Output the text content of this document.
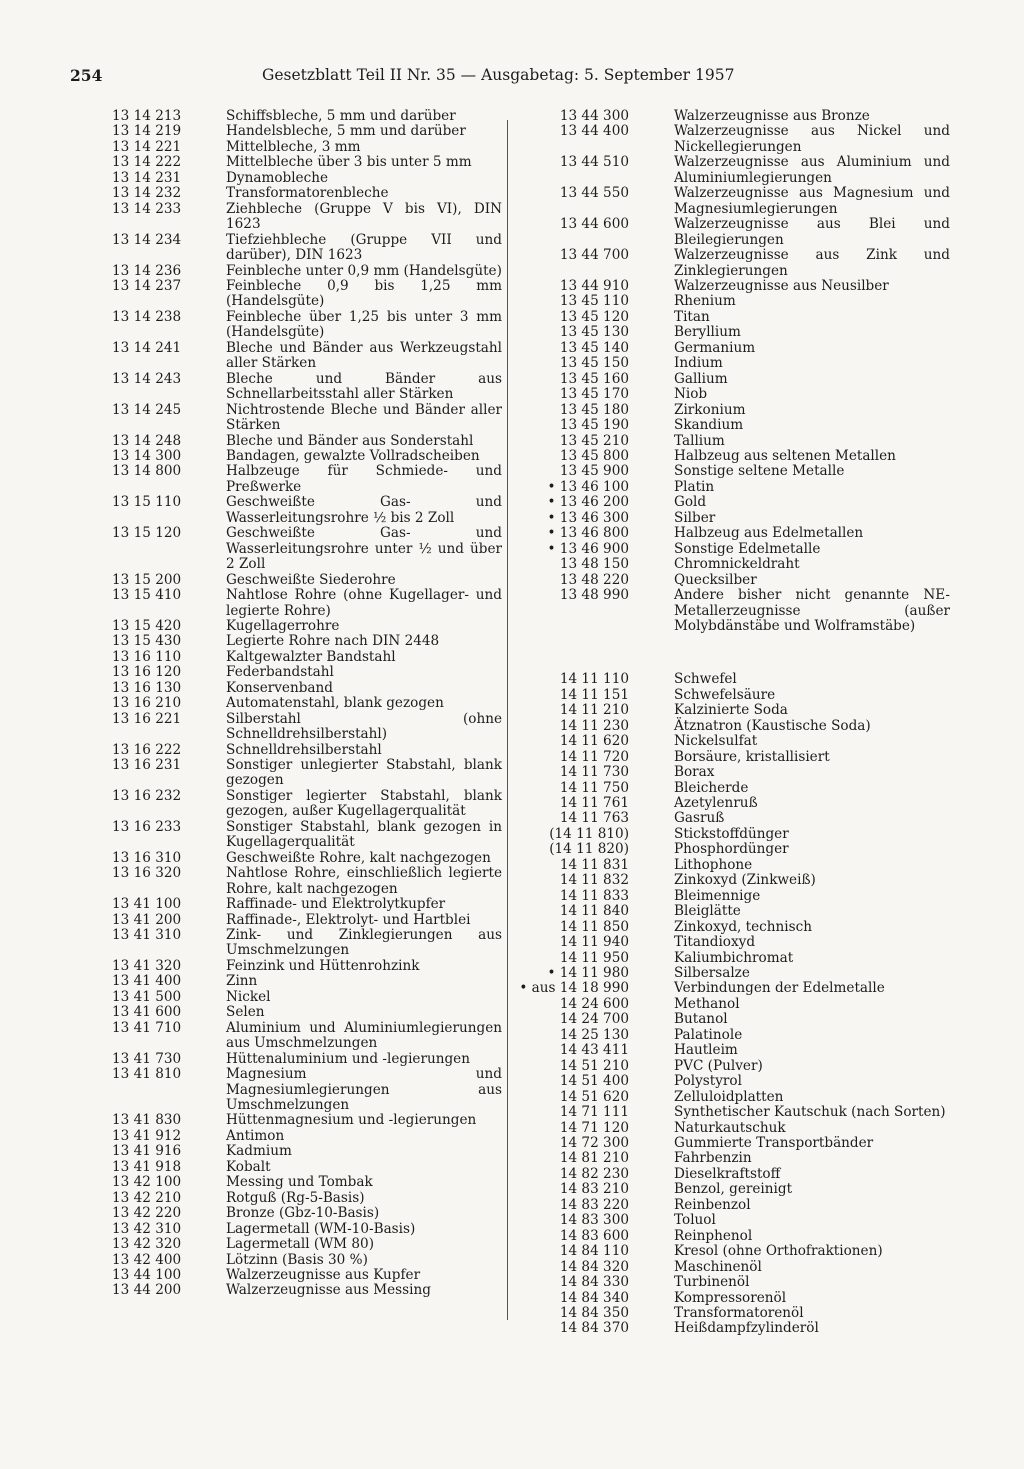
254	Gesetzblatt Teil II Nr. 35 — Ausgabetag: 5. September 1957
13 14 213	Schiffsbleche, 5 mm und darüber
13 14 219	Handelsbleche, 5 mm und darüber
13 14 221	Mittelbleche, 3 mm
13 14 222	Mittelbleche über 3 bis unter 5 mm
13 14 231	Dynamobleche
13 14 232	Transformatorenbleche
13 14 233	Ziehbleche (Gruppe V bis VI), DIN 1623
13 14 234	Tiefziehbleche (Gruppe VII und darüber), DIN 1623
13 14 236	Feinbleche unter 0,9 mm (Handelsgüte)
13 14 237	Feinbleche 0,9 bis 1,25 mm (Handelsgüte)
13 14 238	Feinbleche über 1,25 bis unter 3 mm (Handelsgüte)
13 14 241	Bleche und Bänder aus Werkzeugstahl aller Stärken
13 14 243	Bleche und Bänder aus Schnellarbeitsstahl aller Stärken
13 14 245	Nichtrostende Bleche und Bänder aller Stärken
13 14 248	Bleche und Bänder aus Sonderstahl
13 14 300	Bandagen, gewalzte Vollradscheiben
13 14 800	Halbzeuge für Schmiede- und Preßwerke
13 15 110	Geschweißte Gas- und Wasserleitungsrohre ½ bis 2 Zoll
13 15 120	Geschweißte Gas- und Wasserleitungsrohre unter ½ und über 2 Zoll
13 15 200	Geschweißte Siederohre
13 15 410	Nahtlose Rohre (ohne Kugellager- und legierte Rohre)
13 15 420	Kugellagerrohre
13 15 430	Legierte Rohre nach DIN 2448
13 16 110	Kaltgewalzter Bandstahl
13 16 120	Federbandstahl
13 16 130	Konservenband
13 16 210	Automatenstahl, blank gezogen
13 16 221	Silberstahl (ohne Schnelldrehsilberstahl)
13 16 222	Schnelldrehsilberstahl
13 16 231	Sonstiger unlegierter Stabstahl, blank gezogen
13 16 232	Sonstiger legierter Stabstahl, blank gezogen, außer Kugellagerqualität
13 16 233	Sonstiger Stabstahl, blank gezogen in Kugellagerqualität
13 16 310	Geschweißte Rohre, kalt nachgezogen
13 16 320	Nahtlose Rohre, einschließlich legierte Rohre, kalt nachgezogen
13 41 100	Raffinade- und Elektrolytkupfer
13 41 200	Raffinade-, Elektrolyt- und Hartblei
13 41 310	Zink- und Zinklegierungen aus Umschmelzungen
13 41 320	Feinzink und Hüttenrohzink
13 41 400	Zinn
13 41 500	Nickel
13 41 600	Selen
13 41 710	Aluminium und Aluminiumlegierungen aus Umschmelzungen
13 41 730	Hüttenaluminium und -legierungen
13 41 810	Magnesium und Magnesiumlegierungen aus Umschmelzungen
13 41 830	Hüttenmagnesium und -legierungen
13 41 912	Antimon
13 41 916	Kadmium
13 41 918	Kobalt
13 42 100	Messing und Tombak
13 42 210	Rotguß (Rg-5-Basis)
13 42 220	Bronze (Gbz-10-Basis)
13 42 310	Lagermetall (WM-10-Basis)
13 42 320	Lagermetall (WM 80)
13 42 400	Lötzinn (Basis 30 %)
13 44 100	Walzerzeugnisse aus Kupfer
13 44 200	Walzerzeugnisse aus Messing
13 44 300	Walzerzeugnisse aus Bronze
13 44 400	Walzerzeugnisse aus Nickel und Nickellegierungen
13 44 510	Walzerzeugnisse aus Aluminium und Aluminiumlegierungen
13 44 550	Walzerzeugnisse aus Magnesium und Magnesiumlegierungen
13 44 600	Walzerzeugnisse aus Blei und Bleilegierungen
13 44 700	Walzerzeugnisse aus Zink und Zinklegierungen
13 44 910	Walzerzeugnisse aus Neusilber
13 45 110	Rhenium
13 45 120	Titan
13 45 130	Beryllium
13 45 140	Germanium
13 45 150	Indium
13 45 160	Gallium
13 45 170	Niob
13 45 180	Zirkonium
13 45 190	Skandium
13 45 210	Tallium
13 45 800	Halbzeug aus seltenen Metallen
13 45 900	Sonstige seltene Metalle
• 13 46 100	Platin
• 13 46 200	Gold
• 13 46 300	Silber
• 13 46 800	Halbzeug aus Edelmetallen
• 13 46 900	Sonstige Edelmetalle
13 48 150	Chromnickeldraht
13 48 220	Quecksilber
13 48 990	Andere bisher nicht genannte NE-Metallerzeugnisse (außer Molybdänstäbe und Wolframstäbe)
14 11 110	Schwefel
14 11 151	Schwefelsäure
14 11 210	Kalzinierte Soda
14 11 230	Ätznatron (Kaustische Soda)
14 11 620	Nickelsulfat
14 11 720	Borsäure, kristallisiert
14 11 730	Borax
14 11 750	Bleicherde
14 11 761	Azetylenruß
14 11 763	Gasruß
(14 11 810)	Stickstoffdünger
(14 11 820)	Phosphordünger
14 11 831	Lithophone
14 11 832	Zinkoxyd (Zinkweiß)
14 11 833	Bleimennige
14 11 840	Bleiglätte
14 11 850	Zinkoxyd, technisch
14 11 940	Titandioxyd
14 11 950	Kaliumbichromat
• 14 11 980	Silbersalze
• aus 14 18 990	Verbindungen der Edelmetalle
14 24 600	Methanol
14 24 700	Butanol
14 25 130	Palatinole
14 43 411	Hautleim
14 51 210	PVC (Pulver)
14 51 400	Polystyrol
14 51 620	Zelluloidplatten
14 71 111	Synthetischer Kautschuk (nach Sorten)
14 71 120	Naturkautschuk
14 72 300	Gummierte Transportbänder
14 81 210	Fahrbenzin
14 82 230	Dieselkraftstoff
14 83 210	Benzol, gereinigt
14 83 220	Reinbenzol
14 83 300	Toluol
14 83 600	Reinphenol
14 84 110	Kresol (ohne Orthofraktionen)
14 84 320	Maschinenöl
14 84 330	Turbinenöl
14 84 340	Kompressorenöl
14 84 350	Transformatorenöl
14 84 370	Heißdampfzylinderöl
